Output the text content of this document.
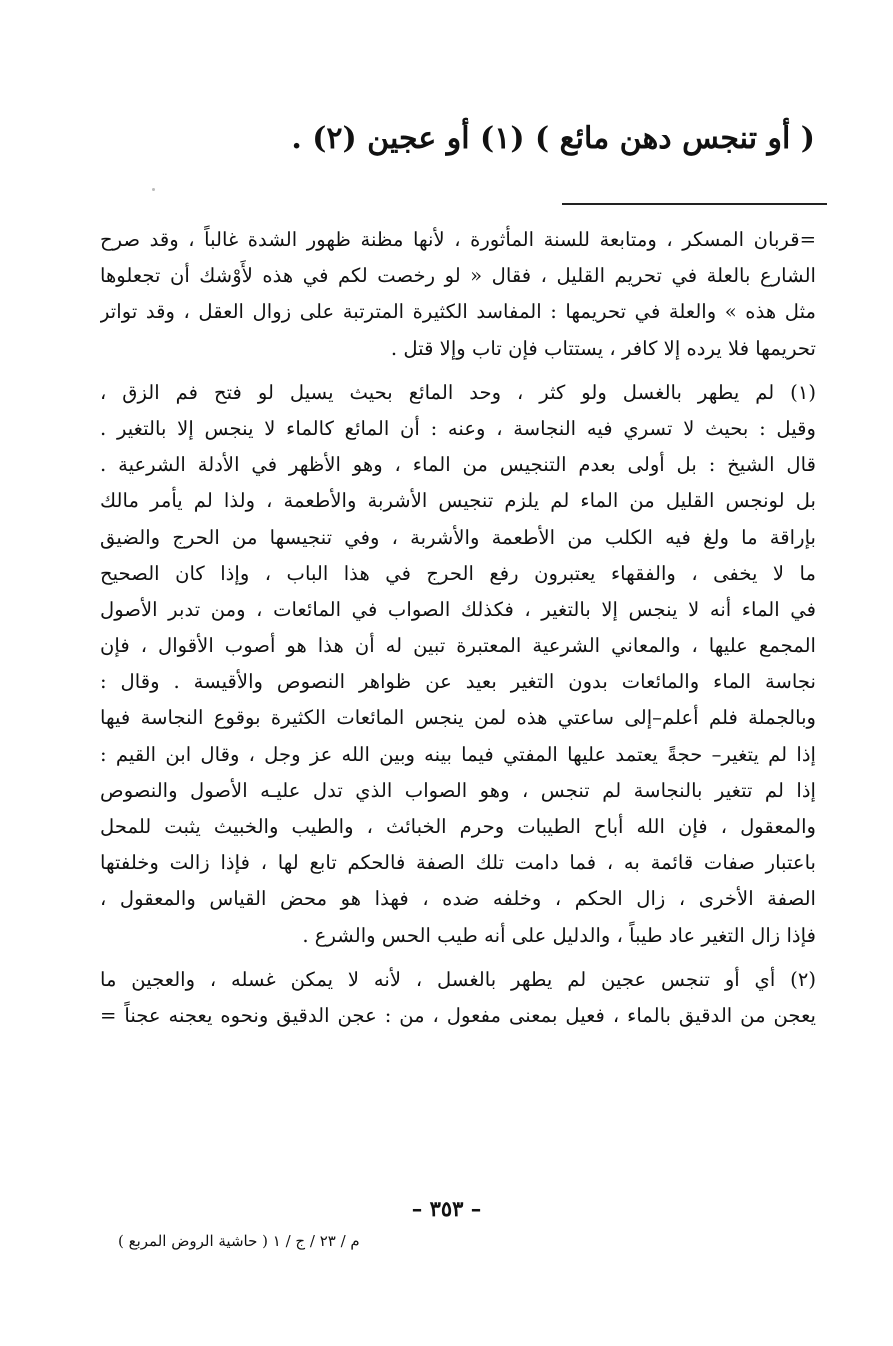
( أو تنجس دهن مائع ) (١) أو عجين (٢) .
=قربان المسكر ، ومتابعة للسنة المأثورة ، لأنها مظنة ظهور الشدة غالباً ، وقد صرح
الشارع بالعلة في تحريم القليل ، فقال « لو رخصت لكم في هذه لأَوْشك أن تجعلوها
مثل هذه » والعلة في تحريمها : المفاسد الكثيرة المترتبة على زوال العقل ، وقد تواتر
تحريمها فلا يرده إلا كافر ، يستتاب فإن تاب وإلا قتل .
(١) لم يطهر بالغسل ولو كثر ، وحد المائع بحيث يسيل لو فتح فم الزق ،
وقيل : بحيث لا تسري فيه النجاسة ، وعنه : أن المائع كالماء لا ينجس إلا بالتغير .
قال الشيخ : بل أولى بعدم التنجيس من الماء ، وهو الأظهر في الأدلة الشرعية .
بل لونجس القليل من الماء لم يلزم تنجيس الأشربة والأطعمة ، ولذا لم يأمر مالك
بإراقة ما ولغ فيه الكلب من الأطعمة والأشربة ، وفي تنجيسها من الحرج والضيق
ما لا يخفى ، والفقهاء يعتبرون رفع الحرج في هذا الباب ، وإذا كان الصحيح
في الماء أنه لا ينجس إلا بالتغير ، فكذلك الصواب في المائعات ، ومن تدبر الأصول
المجمع عليها ، والمعاني الشرعية المعتبرة تبين له أن هذا هو أصوب الأقوال ، فإن
نجاسة الماء والمائعات بدون التغير بعيد عن ظواهر النصوص والأقيسة . وقال :
وبالجملة فلم أعلم–إلى ساعتي هذه لمن ينجس المائعات الكثيرة بوقوع النجاسة فيها
إذا لم يتغير– حجةً يعتمد عليها المفتي فيما بينه وبين الله عز وجل ، وقال ابن القيم :
إذا لم تتغير بالنجاسة لم تنجس ، وهو الصواب الذي تدل عليـه الأصول والنصوص
والمعقول ، فإن الله أباح الطيبات وحرم الخبائث ، والطيب والخبيث يثبت للمحل
باعتبار صفات قائمة به ، فما دامت تلك الصفة فالحكم تابع لها ، فإذا زالت وخلفتها
الصفة الأخرى ، زال الحكم ، وخلفه ضده ، فهذا هو محض القياس والمعقول ،
فإذا زال التغير عاد طيباً ، والدليل على أنه طيب الحس والشرع .
(٢) أي أو تنجس عجين لم يطهر بالغسل ، لأنه لا يمكن غسله ، والعجين ما
يعجن من الدقيق بالماء ، فعيل بمعنى مفعول ، من : عجن الدقيق ونحوه يعجنه عجناً =
– ٣٥٣ –
م / ٢٣ / ج / ١ ( حاشية الروض المربع )
